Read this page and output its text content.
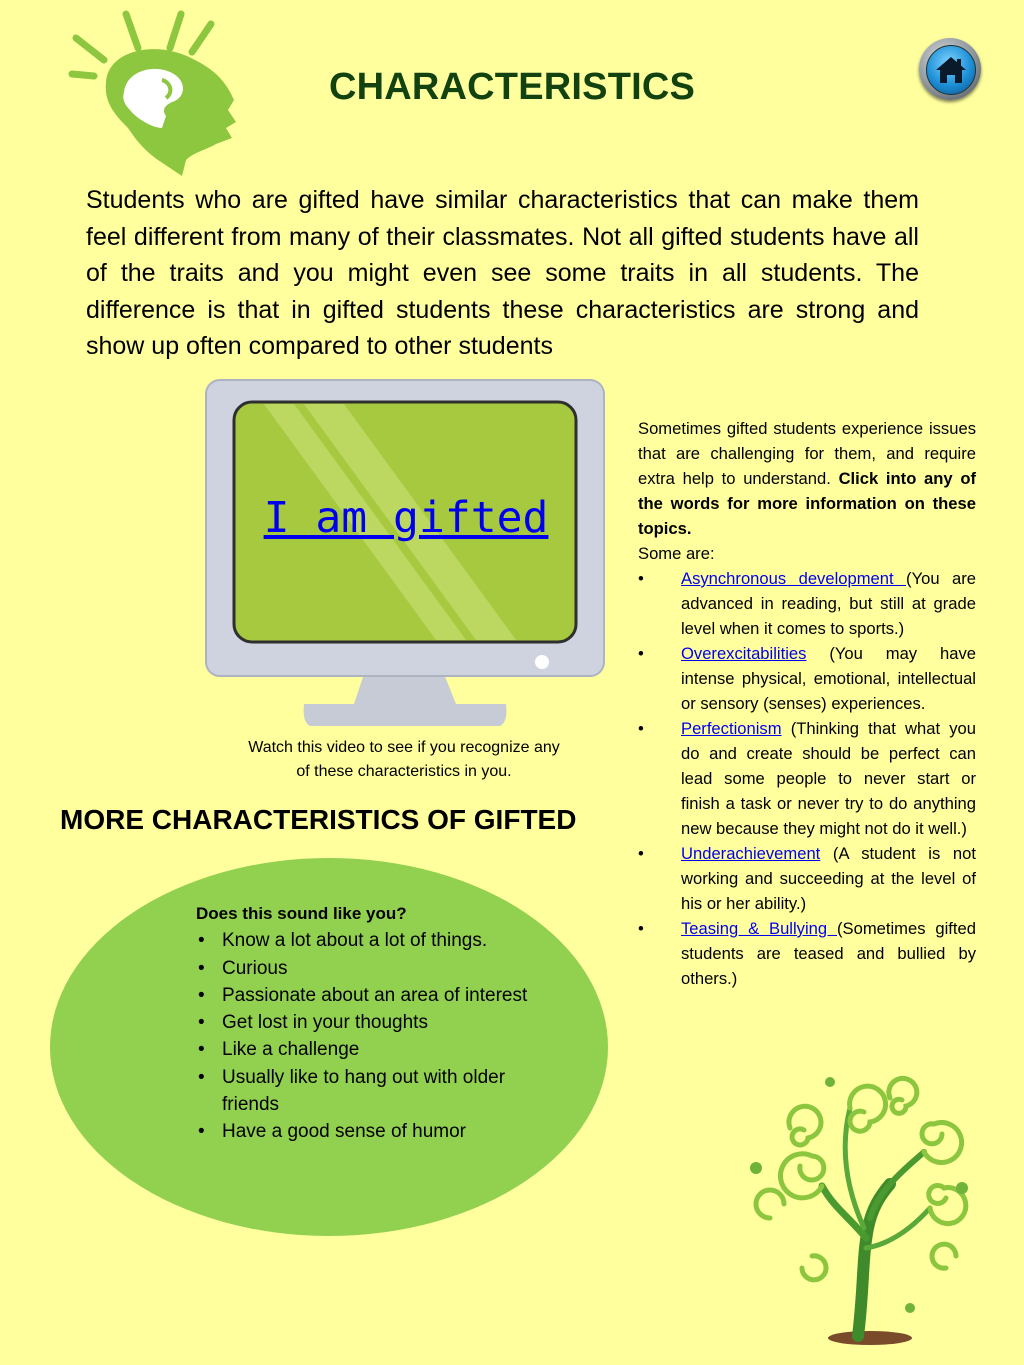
CHARACTERISTICS

Students who are gifted have similar characteristics that can make them feel different from many of their classmates. Not all gifted students have all of the traits and you might even see some traits in all students. The difference is that in gifted students these characteristics are strong and show up often compared to other students

I am gifted
Watch this video to see if you recognize any
of these characteristics in you.
MORE CHARACTERISTICS OF GIFTED
Does this sound like you?
• Know a lot about a lot of things.
• Curious
• Passionate about an area of interest
• Get lost in your thoughts
• Like a challenge
• Usually like to hang out with older friends
• Have a good sense of humor

Sometimes gifted students experience issues that are challenging for them, and require extra help to understand. Click into any of the words for more information on these topics.

Some are:

• Asynchronous development (You are advanced in reading, but still at grade level when it comes to sports.)
• Overexcitabilities (You may have intense physical, emotional, intellectual or sensory (senses) experiences.
• Perfectionism (Thinking that what you do and create should be perfect can lead some people to never start or finish a task or never try to do anything new because they might not do it well.)
• Underachievement (A student is not working and succeeding at the level of his or her ability.)
• Teasing & Bullying (Sometimes gifted students are teased and bullied by others.)
